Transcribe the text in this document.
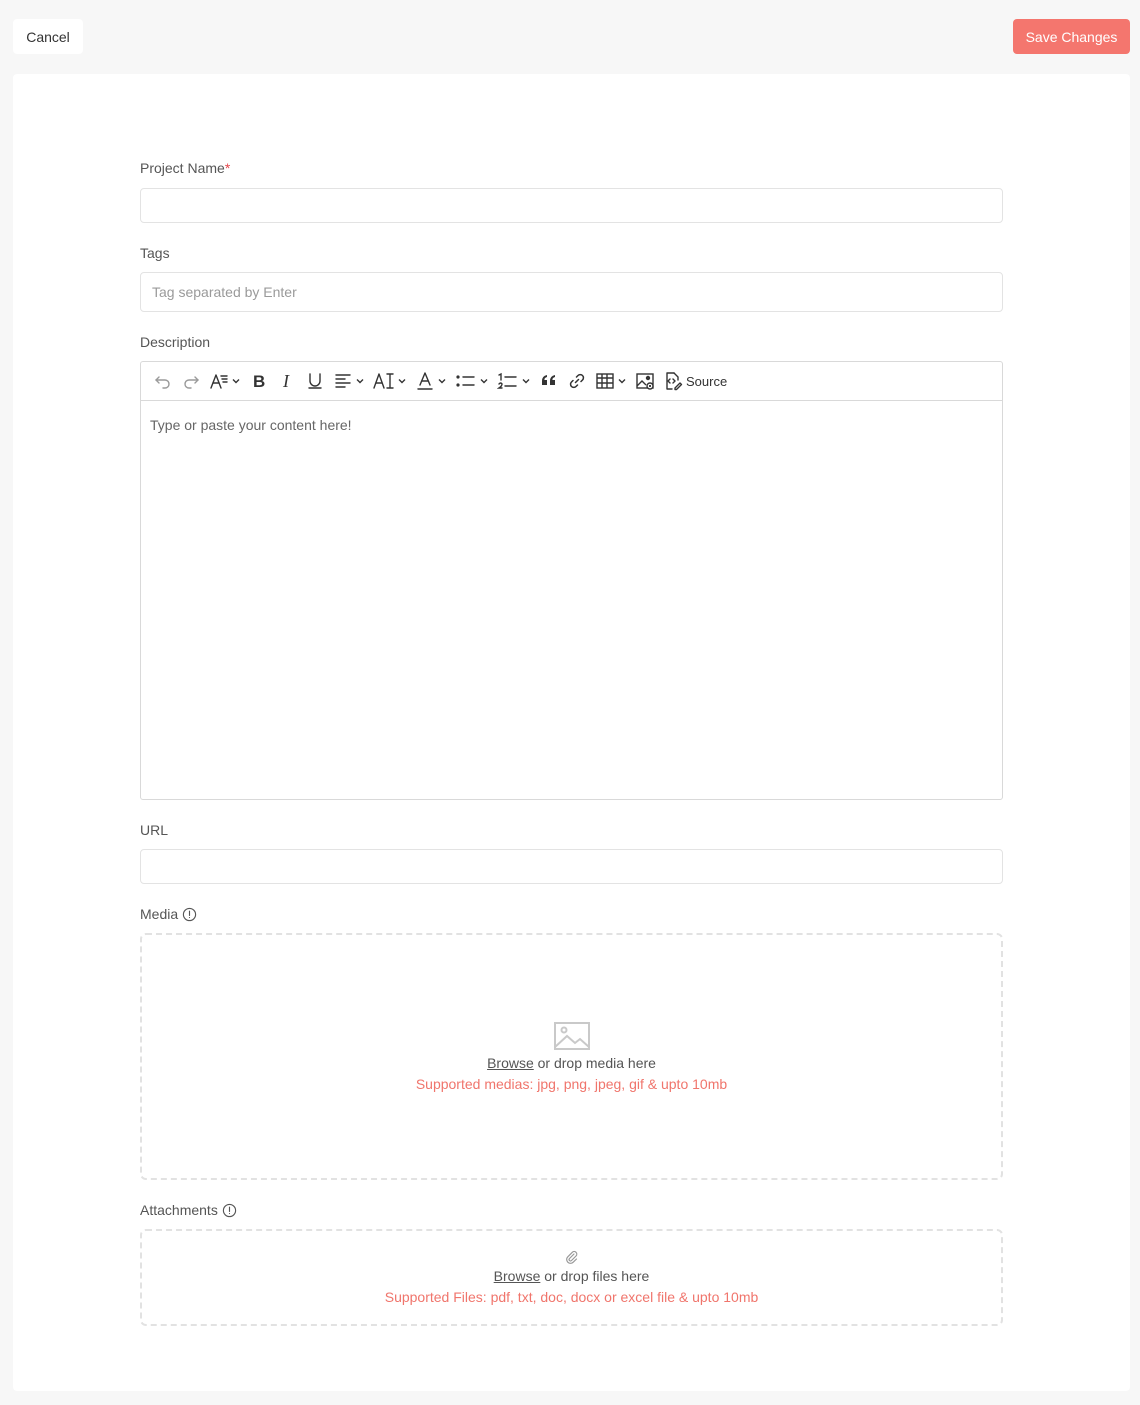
Cancel	Save Changes
Project Name *
Tags
Tag separated by Enter
Description
B I	Source
Type or paste your content here!
URL
Media
Browse or drop media here
Supported medias: jpg, png, jpeg, gif & upto 10mb
Attachments
Browse or drop files here
Supported Files: pdf, txt, doc, docx or excel file & upto 10mb
